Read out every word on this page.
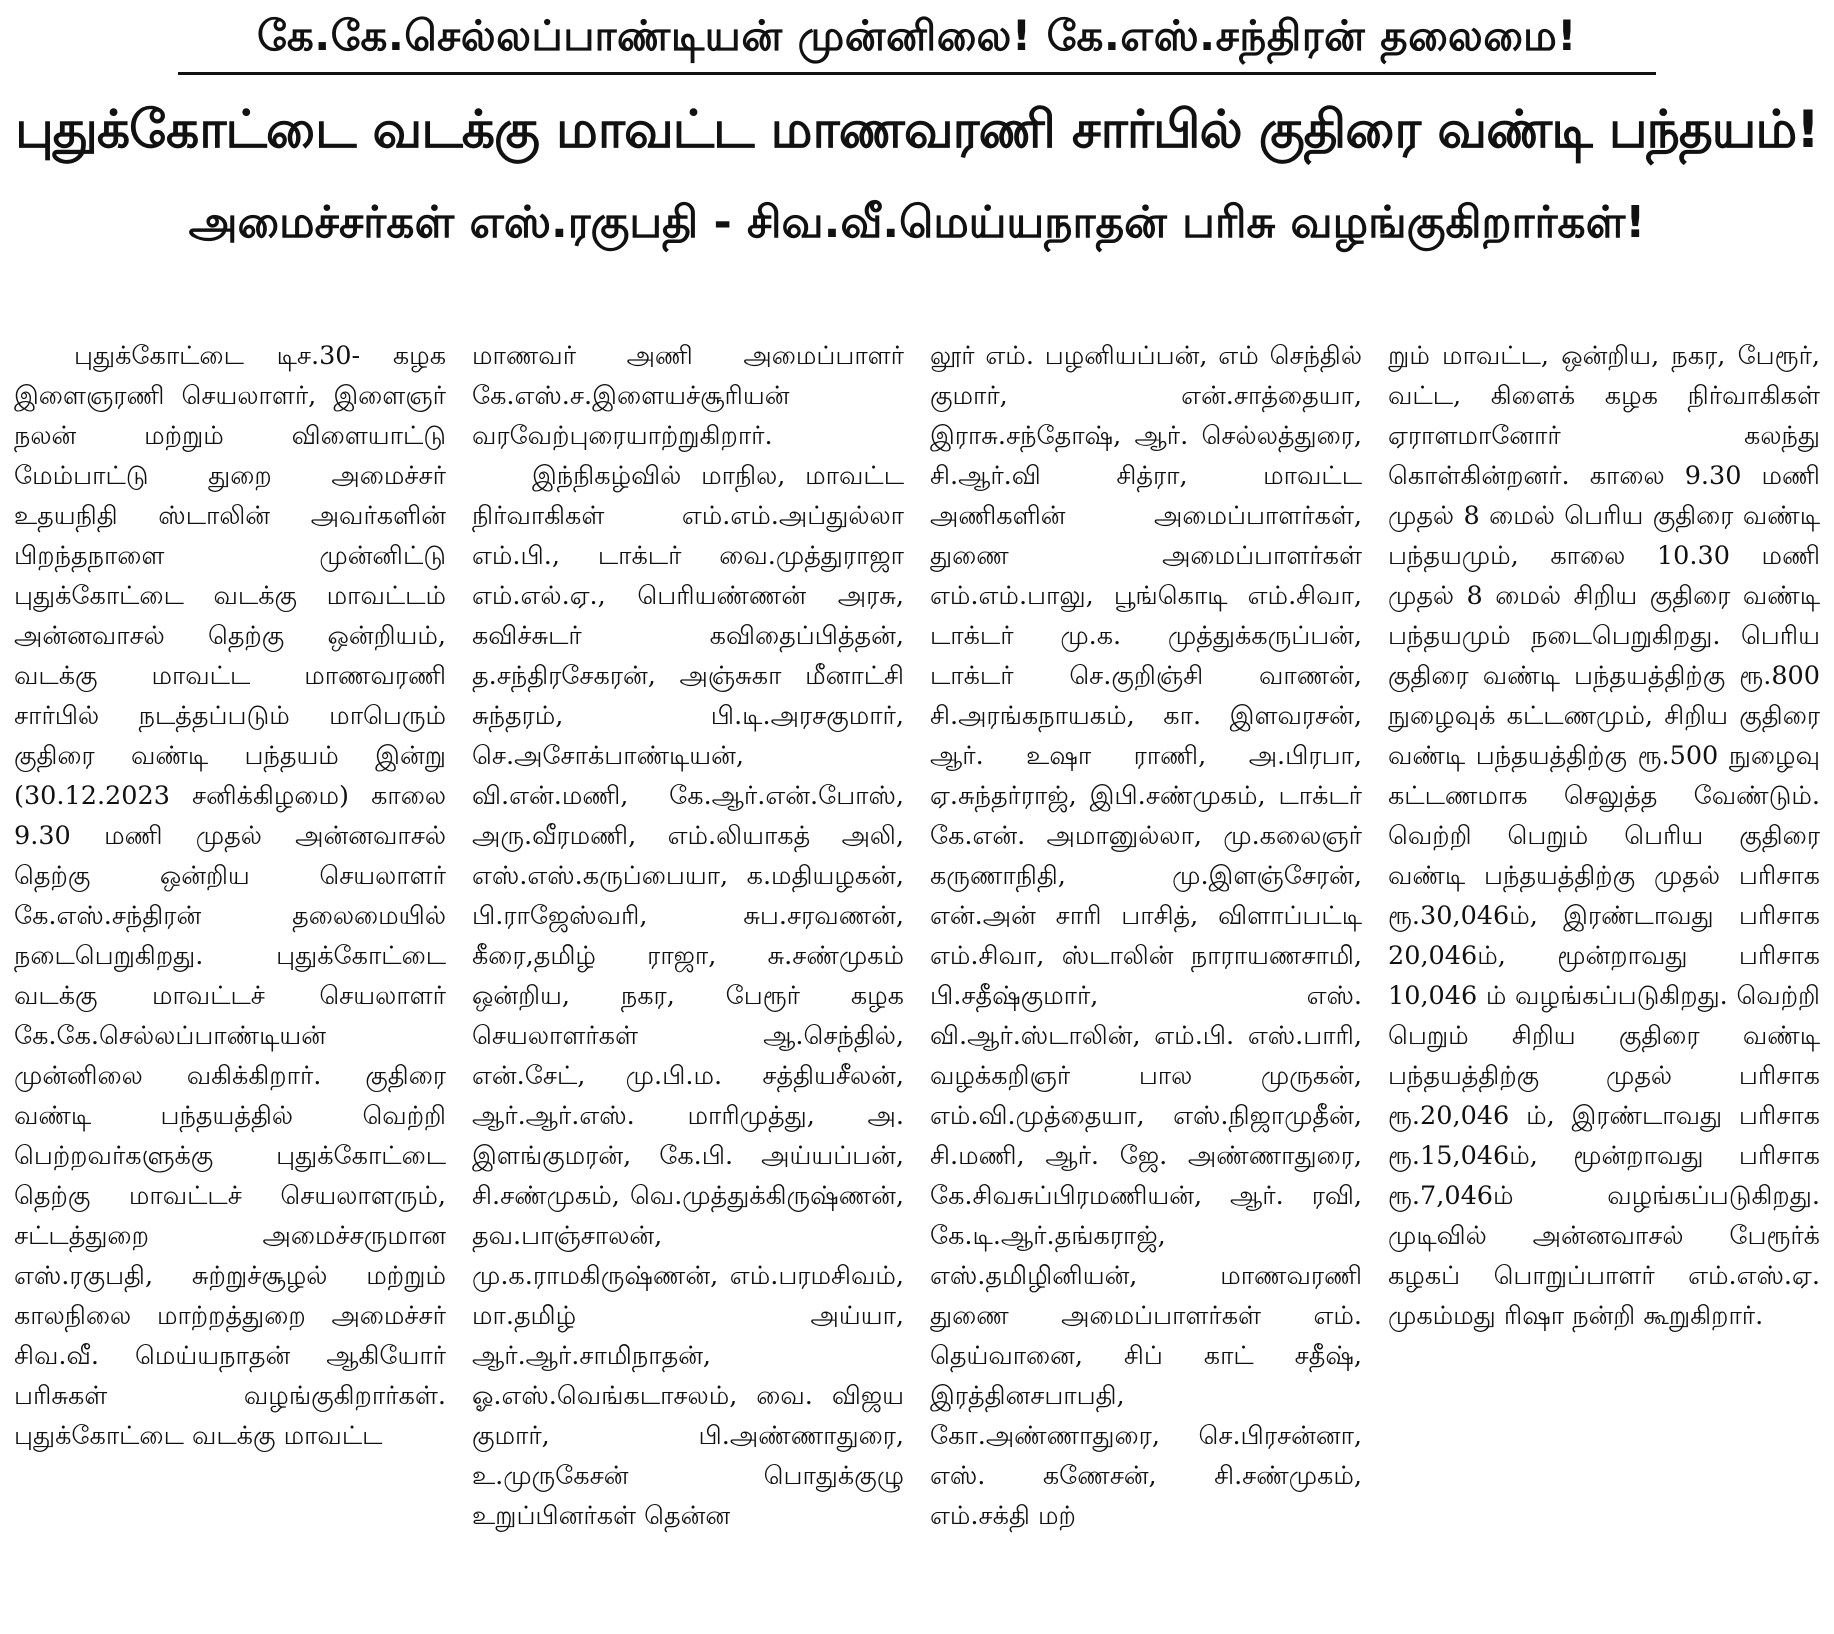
கே.கே.செல்லப்பாண்டியன் முன்னிலை! கே.எஸ்.சந்திரன் தலைமை!
புதுக்கோட்டை வடக்கு மாவட்ட மாணவரணி சார்பில் குதிரை வண்டி பந்தயம்!
அமைச்சர்கள் எஸ்.ரகுபதி - சிவ.வீ.மெய்யநாதன் பரிசு வழங்குகிறார்கள்!

புதுக்கோட்டை டிச.30- கழக இளைஞரணி செயலாளர், இளைஞர் நலன் மற்றும் விளையாட்டு மேம்பாட்டு துறை அமைச்சர் உதயநிதி ஸ்டாலின் அவர்களின் பிறந்தநாளை முன்னிட்டு புதுக்கோட்டை வடக்கு மாவட்டம் அன்னவாசல் தெற்கு ஒன்றியம், வடக்கு மாவட்ட மாணவரணி சார்பில் நடத்தப்படும் மாபெரும் குதிரை வண்டி பந்தயம் இன்று (30.12.2023 சனிக்கிழமை) காலை 9.30 மணி முதல் அன்னவாசல் தெற்கு ஒன்றிய செயலாளர் கே.எஸ்.சந்திரன் தலைமையில் நடைபெறுகிறது. புதுக்கோட்டை வடக்கு மாவட்டச் செயலாளர் கே.கே.செல்லப்பாண்டியன் முன்னிலை வகிக்கிறார். குதிரை வண்டி பந்தயத்தில் வெற்றி பெற்றவர்களுக்கு புதுக்கோட்டை தெற்கு மாவட்டச் செயலாளரும், சட்டத்துறை அமைச்சருமான எஸ்.ரகுபதி, சுற்றுச்சூழல் மற்றும் காலநிலை மாற்றத்துறை அமைச்சர் சிவ.வீ. மெய்யநாதன் ஆகியோர் பரிசுகள் வழங்குகிறார்கள். புதுக்கோட்டை வடக்கு மாவட்ட

மாணவர் அணி அமைப்பாளர் கே.எஸ்.ச.இளையச்சூரியன் வரவேற்புரையாற்றுகிறார்.

இந்நிகழ்வில் மாநில, மாவட்ட நிர்வாகிகள் எம்.எம்.அப்துல்லா எம்.பி., டாக்டர் வை.முத்துராஜா எம்.எல்.ஏ., பெரியண்ணன் அரசு, கவிச்சுடர் கவிதைப்பித்தன், த.சந்திரசேகரன், அஞ்சுகா மீனாட்சி சுந்தரம், பி.டி.அரசகுமார், செ.அசோக்பாண்டியன், வி.என்.மணி, கே.ஆர்.என்.போஸ், அரு.வீரமணி, எம்.லியாகத் அலி, எஸ்.எஸ்.கருப்பையா, க.மதியழகன், பி.ராஜேஸ்வரி, சுப.சரவணன், கீரை,தமிழ் ராஜா, சு.சண்முகம் ஒன்றிய, நகர, பேரூர் கழக செயலாளர்கள் ஆ.செந்தில், என்.சேட், மு.பி.ம. சத்தியசீலன், ஆர்.ஆர்.எஸ். மாரிமுத்து, அ. இளங்குமரன், கே.பி. அய்யப்பன், சி.சண்முகம், வெ.முத்துக்கிருஷ்ணன், தவ.பாஞ்சாலன், மு.க.ராமகிருஷ்ணன், எம்.பரமசிவம், மா.தமிழ் அய்யா, ஆர்.ஆர்.சாமிநாதன், ஓ.எஸ்.வெங்கடாசலம், வை. விஜய குமார், பி.அண்ணாதுரை, உ.முருகேசன் பொதுக்குழு உறுப்பினர்கள் தென்ன

லூர் எம். பழனியப்பன், எம் செந்தில் குமார், என்.சாத்தையா, இராசு.சந்தோஷ், ஆர். செல்லத்துரை, சி.ஆர்.வி சித்ரா, மாவட்ட அணிகளின் அமைப்பாளர்கள், துணை அமைப்பாளர்கள் எம்.எம்.பாலு, பூங்கொடி எம்.சிவா, டாக்டர் மு.க. முத்துக்கருப்பன், டாக்டர் செ.குறிஞ்சி வாணன், சி.அரங்கநாயகம், கா. இளவரசன், ஆர். உஷா ராணி, அ.பிரபா, ஏ.சுந்தர்ராஜ், இபி.சண்முகம், டாக்டர் கே.என். அமானுல்லா, மு.கலைஞர் கருணாநிதி, மு.இளஞ்சேரன், என்.அன் சாரி பாசித், விளாப்பட்டி எம்.சிவா, ஸ்டாலின் நாராயணசாமி, பி.சதீஷ்குமார், எஸ். வி.ஆர்.ஸ்டாலின், எம்.பி. எஸ்.பாரி, வழக்கறிஞர் பால முருகன், எம்.வி.முத்தையா, எஸ்.நிஜாமுதீன், சி.மணி, ஆர். ஜே. அண்ணாதுரை, கே.சிவசுப்பிரமணியன், ஆர். ரவி, கே.டி.ஆர்.தங்கராஜ், எஸ்.தமிழினியன், மாணவரணி துணை அமைப்பாளர்கள் எம். தெய்வானை, சிப் காட் சதீஷ், இரத்தினசபாபதி, கோ.அண்ணாதுரை, செ.பிரசன்னா, எஸ். கணேசன், சி.சண்முகம், எம்.சக்தி மற்

றும் மாவட்ட, ஒன்றிய, நகர, பேரூர், வட்ட, கிளைக் கழக நிர்வாகிகள் ஏராளமானோர் கலந்து கொள்கின்றனர். காலை 9.30 மணி முதல் 8 மைல் பெரிய குதிரை வண்டி பந்தயமும், காலை 10.30 மணி முதல் 8 மைல் சிறிய குதிரை வண்டி பந்தயமும் நடைபெறுகிறது. பெரிய குதிரை வண்டி பந்தயத்திற்கு ரூ.800 நுழைவுக் கட்டணமும், சிறிய குதிரை வண்டி பந்தயத்திற்கு ரூ.500 நுழைவு கட்டணமாக செலுத்த வேண்டும். வெற்றி பெறும் பெரிய குதிரை வண்டி பந்தயத்திற்கு முதல் பரிசாக ரூ.30,046ம், இரண்டாவது பரிசாக 20,046ம், மூன்றாவது பரிசாக 10,046 ம் வழங்கப்படுகிறது. வெற்றி பெறும் சிறிய குதிரை வண்டி பந்தயத்திற்கு முதல் பரிசாக ரூ.20,046 ம், இரண்டாவது பரிசாக ரூ.15,046ம், மூன்றாவது பரிசாக ரூ.7,046ம் வழங்கப்படுகிறது. முடிவில் அன்னவாசல் பேரூர்க் கழகப் பொறுப்பாளர் எம்.எஸ்.ஏ. முகம்மது ரிஷா நன்றி கூறுகிறார்.
